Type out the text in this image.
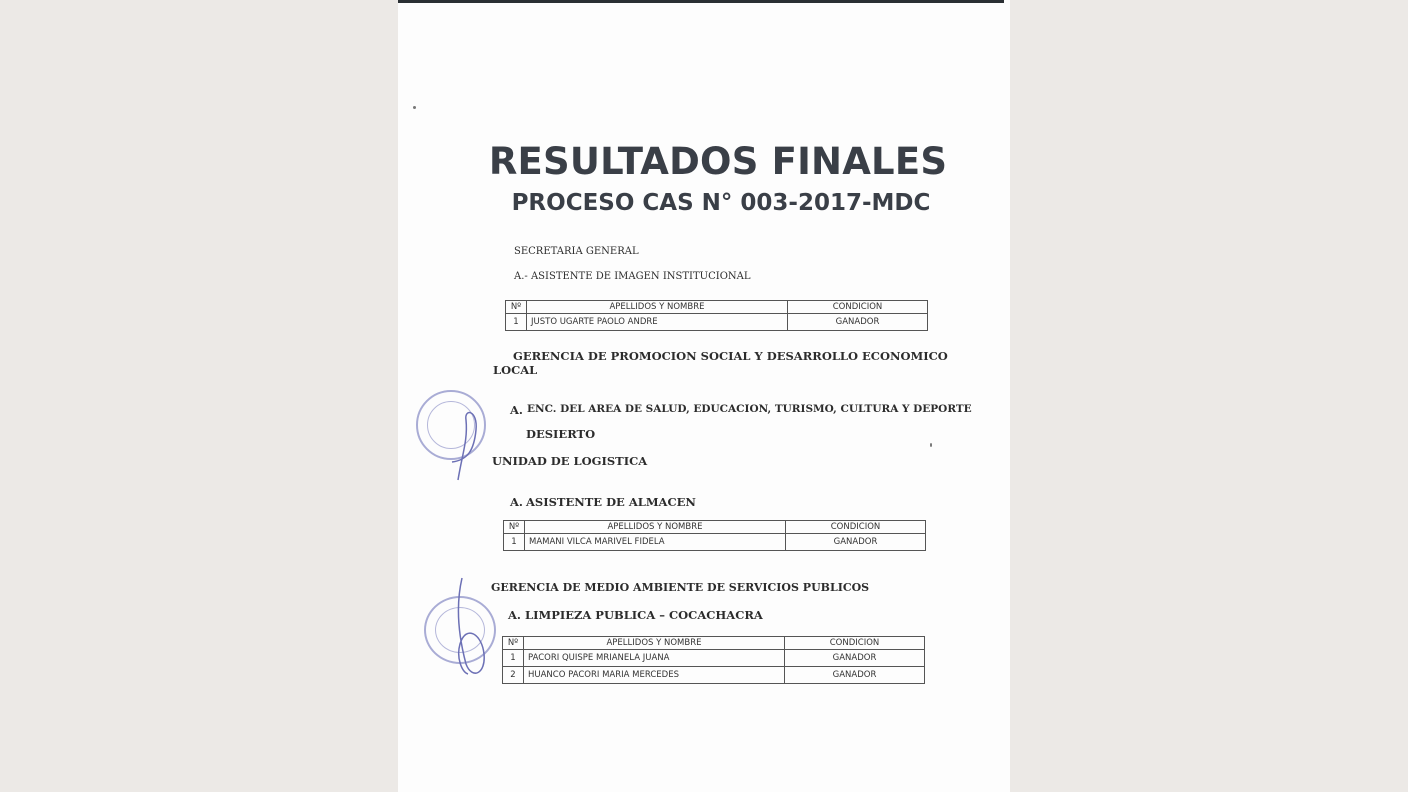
RESULTADOS FINALES
PROCESO CAS N° 003-2017-MDC
SECRETARIA GENERAL
A.- ASISTENTE DE IMAGEN INSTITUCIONAL
Nº	APELLIDOS Y NOMBRE	CONDICION
1	JUSTO UGARTE PAOLO ANDRE	GANADOR
GERENCIA DE PROMOCION SOCIAL Y DESARROLLO ECONOMICO
LOCAL
A. ENC. DEL AREA DE SALUD, EDUCACION, TURISMO, CULTURA Y DEPORTE
DESIERTO
UNIDAD DE LOGISTICA
A. ASISTENTE DE ALMACEN
Nº	APELLIDOS Y NOMBRE	CONDICION
1	MAMANI VILCA MARIVEL FIDELA	GANADOR
GERENCIA DE MEDIO AMBIENTE DE SERVICIOS PUBLICOS
A. LIMPIEZA PUBLICA – COCACHACRA
Nº	APELLIDOS Y NOMBRE	CONDICION
1	PACORI QUISPE MRIANELA JUANA	GANADOR
2	HUANCO PACORI MARIA MERCEDES	GANADOR
